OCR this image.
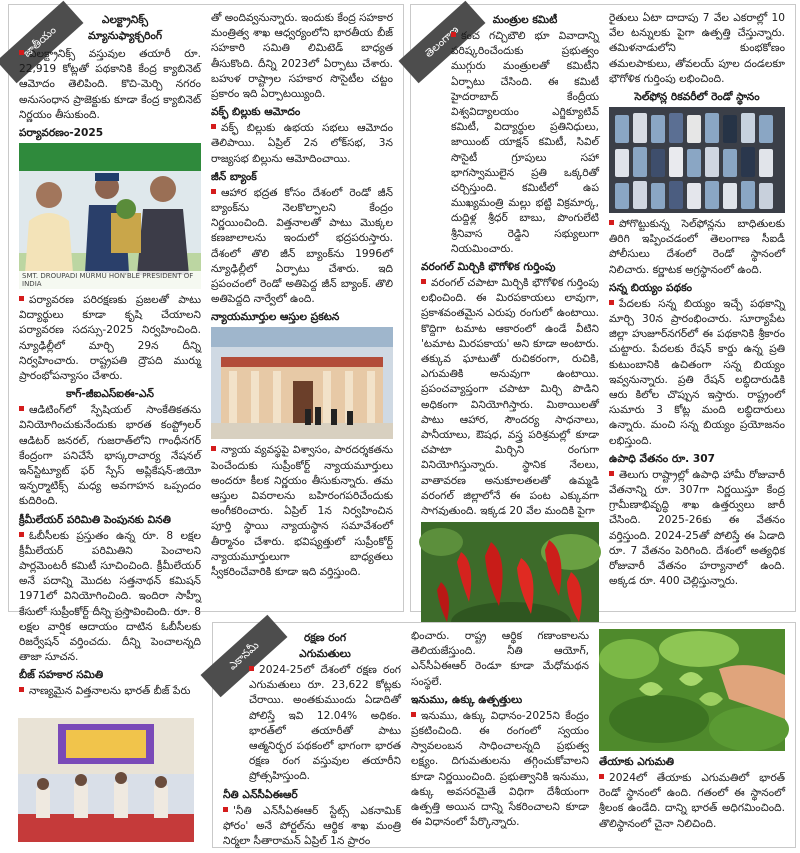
జాతీయం
ఎలక్ట్రానిక్స్
మ్యానుఫ్యాక్చరింగ్

ఎలక్ట్రానిక్స్ వస్తువుల తయారీ రూ. 22,919 కోట్లతో పథకానికి కేంద్ర క్యాబినెట్ ఆమోదం తెలిపింది. కొచి-మెర్చి నగరం అనుసంధాన ప్రాజెక్టుకు కూడా కేంద్ర క్యాబినెట్ నిర్ణయం తీసుకుంది.

పర్యావరణం-2025
SMT. DROUPADI MURMU HON'BLE PRESIDENT OF INDIA

పర్యావరణ పరిరక్షణకు ప్రజలతో పాటు విద్యార్థులు కూడా కృషి చేయాలని పర్యావరణ సదస్సు-2025 నిర్వహించింది. న్యూఢిల్లీలో మార్చి 29న దీన్ని నిర్వహించారు. రాష్ట్రపతి ద్రౌపది ముర్ము ప్రారంభోపన్యాసం చేశారు.

కాగ్-జీఐఎస్ఐఈ-ఎన్

ఆడిటింగ్‌లో స్పేషియల్ సాంకేతికతను వినియోగించుకునేందుకు భారత కంప్ట్రోలర్ ఆడిటర్ జనరల్, గుజరాత్‌లోని గాంధీనగర్ కేంద్రంగా పనిచేసే భాస్కరాచార్య నేషనల్ ఇన్‌స్టిట్యూట్ ఫర్ స్పేస్ అప్లికేషన్-జియో ఇన్ఫర్మాటిక్స్ మధ్య అవగాహన ఒప్పందం కుదిరింది.

క్రీమీలేయర్ పరిమితి పెంపునకు వినతి

ఓబీసీలకు ప్రస్తుతం ఉన్న రూ. 8 లక్షల క్రీమీలేయర్ పరిమితిని పెంచాలని పార్లమెంటరీ కమిటీ సూచించింది. క్రీమీలేయర్ అనే పదాన్ని మొదట సత్తనాథన్ కమిషన్ 1971లో వినియోగించింది. ఇందిరా సాహ్నీ కేసులో సుప్రీంకోర్ట్ దీన్ని ప్రస్తావించింది. రూ. 8 లక్షల వార్షిక ఆదాయం దాటిన ఓబీసీలకు రిజర్వేషన్ వర్తించదు. దీన్ని పెంచాలన్నది తాజా సూచన.

బీజ్ సహకార సమితి

నాణ్యమైన విత్తనాలను భారత్ బీజ్ పేరు

తో అందివ్వనున్నారు. ఇందుకు కేంద్ర సహకార మంత్రిత్వ శాఖ ఆధ్వర్యంలోని భారతీయ బీజ్ సహకారి సమితి లిమిటెడ్ బాధ్యత తీసుకొంది. దీన్ని 2023లో ఏర్పాటు చేశారు. బహుళ రాష్ట్రాల సహకార సొసైటీల చట్టం ప్రకారం ఇది ఏర్పాటయ్యింది.

వక్ఫ్ బిల్లుకు ఆమోదం

వక్ఫ్ బిల్లుకు ఉభయ సభలు ఆమోదం తెలిపాయి. ఏప్రిల్ 2న లోక్‌సభ, 3న రాజ్యసభ బిల్లును ఆమోదించాయి.

జీన్ బ్యాంక్

ఆహార భద్రత కోసం దేశంలో రెండో జీన్ బ్యాంక్‌ను నెలకొల్పాలని కేంద్రం నిర్ణయించింది. విత్తనాలతో పాటు మొక్కల కణజాలాలను ఇందులో భద్రపరుస్తారు. దేశంలో తొలి జీన్ బ్యాంక్‌ను 1996లో న్యూఢిల్లీలో ఏర్పాటు చేశారు. ఇది ప్రపంచంలో రెండో అతిపెద్ద జీన్ బ్యాంక్. తొలి అతిపెద్దది నార్వేలో ఉంది.

న్యాయమూర్తుల ఆస్తుల ప్రకటన

న్యాయ వ్యవస్థపై విశ్వాసం, పారదర్శకతను పెంచేందుకు సుప్రీంకోర్ట్ న్యాయమూర్తులు అందరూ కీలక నిర్ణయం తీసుకున్నారు. తమ ఆస్తుల వివరాలను బహిరంగపరిచేందుకు అంగీకరించారు. ఏప్రిల్ 1న నిర్వహించిన పూర్తి స్థాయి న్యాయస్థాన సమావేశంలో తీర్మానం చేశారు. భవిష్యత్తులో సుప్రీంకోర్ట్ న్యాయమూర్తులుగా బాధ్యతలు స్వీకరించేవారికి కూడా ఇది వర్తిస్తుంది.

తెలంగాణ
మంత్రుల కమిటీ

కంచ గచ్చిబౌలి భూ వివాదాన్ని పరిష్కరించేందుకు ప్రభుత్వం ముగ్గురు మంత్రులతో కమిటీని ఏర్పాటు చేసింది. ఈ కమిటీ హైదరాబాద్ కేంద్రీయ విశ్వవిద్యాలయం ఎగ్జిక్యూటివ్ కమిటీ, విద్యార్థుల ప్రతినిధులు, జాయింట్ యాక్షన్ కమిటీ, సివిల్ సొసైటీ గ్రూపులు సహా భాగస్వాములైన ప్రతి ఒక్కరితో చర్చిస్తుంది. కమిటీలో ఉప ముఖ్యమంత్రి మల్లు భట్టి విక్రమార్క, దుద్దిళ్ల శ్రీధర్ బాబు, పొంగులేటి శ్రీనివాస రెడ్డిని సభ్యులుగా నియమించారు.

వరంగల్ మిర్చికి భౌగోళిక గుర్తింపు

వరంగల్ చపాటా మిర్చికి భౌగోళిక గుర్తింపు లభించింది. ఈ మిరపకాయలు లావుగా, ప్రకాశవంతమైన ఎరుపు రంగులో ఉంటాయి. కొద్దిగా టమాట ఆకారంలో ఉండే వీటిని 'టమాట మిరపకాయ' అని కూడా అంటారు. తక్కువ ఘాటుతో రుచికరంగా, రుచికి, ఎగుమతికి అనువుగా ఉంటాయి. ప్రపంచవ్యాప్తంగా చపాటా మిర్చి పొడిని అధికంగా వినియోగిస్తారు. మిఠాయిలతో పాటు ఆహార, సౌందర్య సాధనాలు, పానీయాలు, ఔషధ, వస్త్ర పరిశ్రమల్లో కూడా చపాటా మిర్చిని రంగుగా వినియోగిస్తున్నారు. స్థానిక నేలలు, వాతావరణ అనుకూలతలతో ఉమ్మడి వరంగల్ జిల్లాలోనే ఈ పంట ఎక్కువగా సాగవుతుంది. ఇక్కడ 20 వేల మందికి పైగా

రైతులు ఏటా దాదాపు 7 వేల ఎకరాల్లో 10 వేల టన్నులకు పైగా ఉత్పత్తి చేస్తున్నారు. తమిళనాడులోని కుంభకోణం తమలపాకులు, తోవలయ్ పూల దండలకూ భౌగోళిక గుర్తింపు లభించింది.

సెల్‌ఫోన్ల రికవరీలో రెండో స్థానం

పోగొట్టుకున్న సెల్‌ఫోన్లను బాధితులకు తిరిగి ఇప్పించడంలో తెలంగాణ సీఐడీ పోలీసులు దేశంలో రెండో స్థానంలో నిలిచారు. కర్ణాటక అగ్రస్థానంలో ఉంది.

సన్న బియ్యం పథకం

పేదలకు సన్న బియ్యం ఇచ్చే పథకాన్ని మార్చి 30న ప్రారంభించారు. సూర్యాపేట జిల్లా హుజూర్‌నగర్‌లో ఈ పథకానికి శ్రీకారం చుట్టారు. పేదలకు రేషన్ కార్డు ఉన్న ప్రతి కుటుంబానికి ఉచితంగా సన్న బియ్యం ఇవ్వనున్నారు. ప్రతి రేషన్ లబ్ధిదారుడికి ఆరు కిలోల చొప్పున ఇస్తారు. రాష్ట్రంలో సుమారు 3 కోట్ల మంది లబ్ధిదారులు ఉన్నారు. మంచి సన్న బియ్యం ప్రయోజనం లభిస్తుంది.

ఉపాధి వేతనం రూ. 307

తెలుగు రాష్ట్రాల్లో ఉపాధి హామీ రోజువారీ వేతనాన్ని రూ. 307గా నిర్ణయిస్తూ కేంద్ర గ్రామీణాభివృద్ధి శాఖ ఉత్తర్వులు జారీ చేసింది. 2025-26కు ఈ వేతనం వర్తిస్తుంది. 2024-25తో పోలిస్తే ఈ ఏడాది రూ. 7 వేతనం పెరిగింది. దేశంలో అత్యధిక రోజువారీ వేతనం హర్యానాలో ఉంది. అక్కడ రూ. 400 చెల్లిస్తున్నారు.

ఎకానమీ
రక్షణ రంగ
ఎగుమతులు

2024-25లో దేశంలో రక్షణ రంగ ఎగుమతులు రూ. 23,622 కోట్లకు చేరాయి. అంతకుముందు ఏడాదితో పోలిస్తే ఇవి 12.04% అధికం. భారత్‌లో తయారీతో పాటు ఆత్మనిర్భర పథకంలో భాగంగా భారత రక్షణ రంగ వస్తువుల తయారీని ప్రోత్సహిస్తుంది.

నీతి ఎన్‌సీఏఈఆర్

'నీతి ఎన్‌సీఏఈఆర్ స్టేట్స్ ఎకనామిక్ ఫోరం' అనే పోర్టల్‌ను ఆర్థిక శాఖ మంత్రి నిర్మలా సీతారామన్ ఏప్రిల్ 1న ప్రారం

భించారు. రాష్ట్ర ఆర్థిక గణాంకాలను తెలియజేస్తుంది. నీతి ఆయోగ్, ఎన్‌సీఏఈఆర్ రెండూ కూడా మేధోమథన సంస్థలే.

ఇనుము, ఉక్కు ఉత్పత్తులు

ఇనుము, ఉక్కు విధానం-2025ని కేంద్రం ప్రకటించింది. ఈ రంగంలో స్వయం స్వావలంబన సాధించాలన్నది ప్రభుత్వ లక్ష్యం. దిగుమతులను తగ్గించుకోవాలని కూడా నిర్ణయించింది. ప్రభుత్వానికి ఇనుము, ఉక్కు అవసరమైతే విధిగా దేశీయంగా ఉత్పత్తి అయిన దాన్ని సేకరించాలని కూడా ఈ విధానంలో పేర్కొన్నారు.

తేయాకు ఎగుమతి

2024లో తేయాకు ఎగుమతిలో భారత్ రెండో స్థానంలో ఉంది. గతంలో ఈ స్థానంలో శ్రీలంక ఉండేది. దాన్ని భారత్ అధిగమించింది. తొలిస్థానంలో చైనా నిలిచింది.
